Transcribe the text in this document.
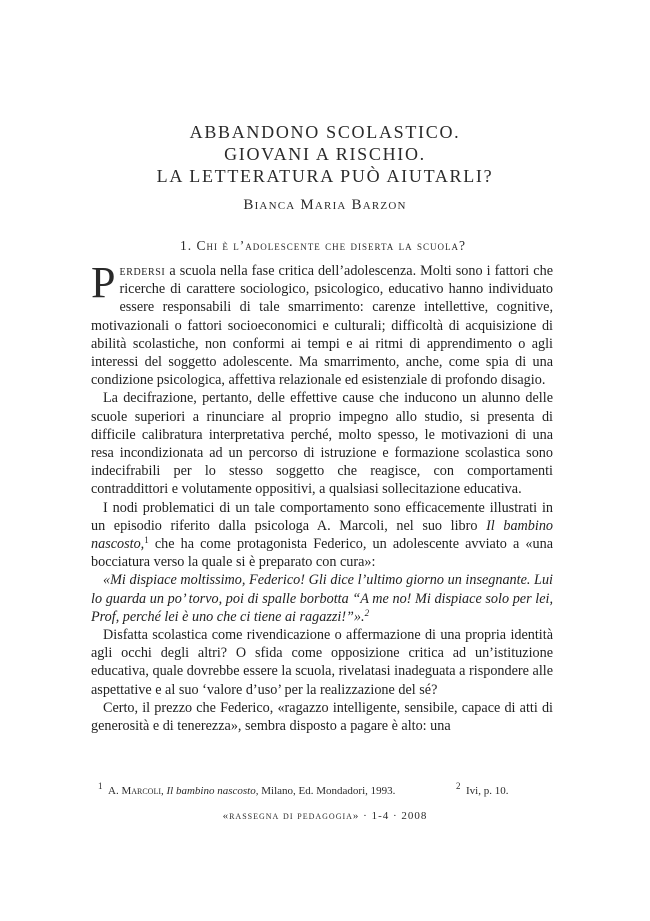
ABBANDONO SCOLASTICO.
GIOVANI A RISCHIO.
LA LETTERATURA PUÒ AIUTARLI?
Bianca Maria Barzon
1. Chi è l’adolescente che diserta la scuola?

Perdersi a scuola nella fase critica dell’adolescenza. Molti sono i fattori che ricerche di carattere sociologico, psicologico, educativo hanno individuato essere responsabili di tale smarrimento: carenze intellettive, cognitive, motivazionali o fattori socioeconomici e culturali; difficoltà di acquisizione di abilità scolastiche, non conformi ai tempi e ai ritmi di apprendimento o agli interessi del soggetto adolescente. Ma smarrimento, anche, come spia di una condizione psicologica, affettiva relazionale ed esistenziale di profondo disagio.

La decifrazione, pertanto, delle effettive cause che inducono un alunno delle scuole superiori a rinunciare al proprio impegno allo studio, si presenta di difficile calibratura interpretativa perché, molto spesso, le motivazioni di una resa incondizionata ad un percorso di istruzione e formazione scolastica sono indecifrabili per lo stesso soggetto che reagisce, con comportamenti contraddittori e volutamente oppositivi, a qualsiasi sollecitazione educativa.

I nodi problematici di un tale comportamento sono efficacemente illustrati in un episodio riferito dalla psicologa A. Marcoli, nel suo libro Il bambino nascosto,$^1$ che ha come protagonista Federico, un adolescente avviato a «una bocciatura verso la quale si è preparato con cura»:

«Mi dispiace moltissimo, Federico! Gli dice l’ultimo giorno un insegnante. Lui lo guarda un po’ torvo, poi di spalle borbotta “A me no! Mi dispiace solo per lei, Prof, perché lei è uno che ci tiene ai ragazzi!”».$^2$

Disfatta scolastica come rivendicazione o affermazione di una propria identità agli occhi degli altri? O sfida come opposizione critica ad un’istituzione educativa, quale dovrebbe essere la scuola, rivelatasi inadeguata a rispondere alle aspettative e al suo ‘valore d’uso’ per la realizzazione del sé?

Certo, il prezzo che Federico, «ragazzo intelligente, sensibile, capace di atti di generosità e di tenerezza», sembra disposto a pagare è alto: una

$^1$ A. Marcoli, Il bambino nascosto, Milano, Ed. Mondadori, 1993.	$^2$ Ivi, p. 10.
«rassegna di pedagogia» · 1-4 · 2008
